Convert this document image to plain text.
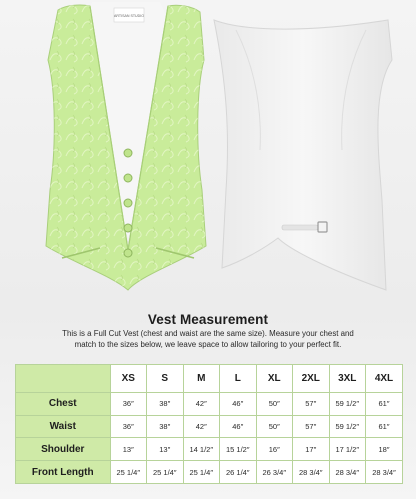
ARTISAN STUDIO
Vest Measurement
This is a Full Cut Vest (chest and waist are the same size). Measure your chest and
match to the sizes below, we leave space to allow tailoring to your perfect fit.
	XS	S	M	L	XL	2XL	3XL	4XL
Chest	36″	38″	42″	46″	50″	57″	59 1/2″	61″
Waist	36″	38″	42″	46″	50″	57″	59 1/2″	61″
Shoulder	13″	13″	14 1/2″	15 1/2″	16″	17″	17 1/2″	18″
Front Length	25 1/4″	25 1/4″	25 1/4″	26 1/4″	26 3/4″	28 3/4″	28 3/4″	28 3/4″
